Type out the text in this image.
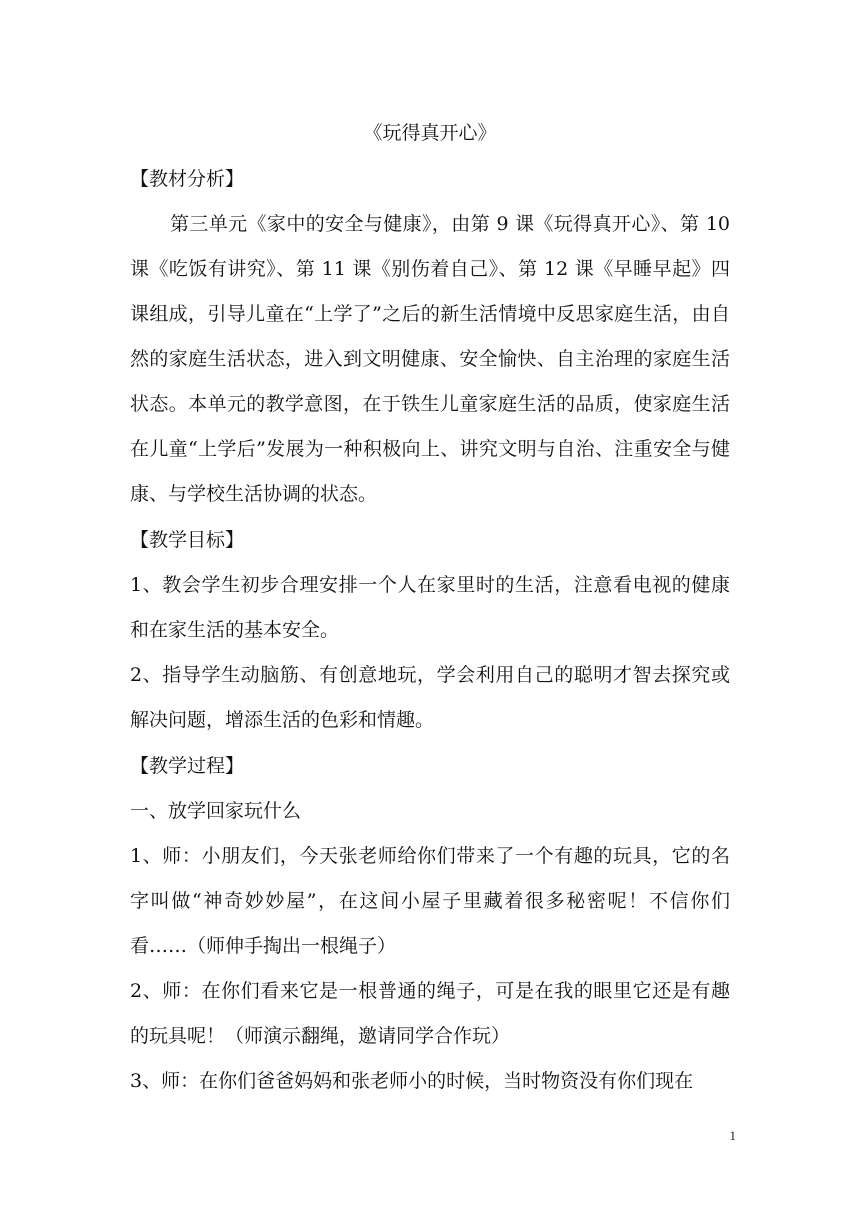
《玩得真开心》

【教材分析】

第三单元《家中的安全与健康》，由第 9 课《玩得真开心》、第 10 课《吃饭有讲究》、第 11 课《别伤着自己》、第 12 课《早睡早起》四课组成，引导儿童在“上学了”之后的新生活情境中反思家庭生活，由自然的家庭生活状态，进入到文明健康、安全愉快、自主治理的家庭生活状态。本单元的教学意图，在于铁生儿童家庭生活的品质，使家庭生活在儿童“上学后”发展为一种积极向上、讲究文明与自治、注重安全与健康、与学校生活协调的状态。

【教学目标】

1、教会学生初步合理安排一个人在家里时的生活，注意看电视的健康和在家生活的基本安全。

2、指导学生动脑筋、有创意地玩，学会利用自己的聪明才智去探究或解决问题，增添生活的色彩和情趣。

【教学过程】

一、放学回家玩什么

1、师：小朋友们，今天张老师给你们带来了一个有趣的玩具，它的名字叫做“神奇妙妙屋”，在这间小屋子里藏着很多秘密呢！不信你们看……（师伸手掏出一根绳子）

2、师：在你们看来它是一根普通的绳子，可是在我的眼里它还是有趣的玩具呢！（师演示翻绳，邀请同学合作玩）

3、师：在你们爸爸妈妈和张老师小的时候，当时物资没有你们现在

1
